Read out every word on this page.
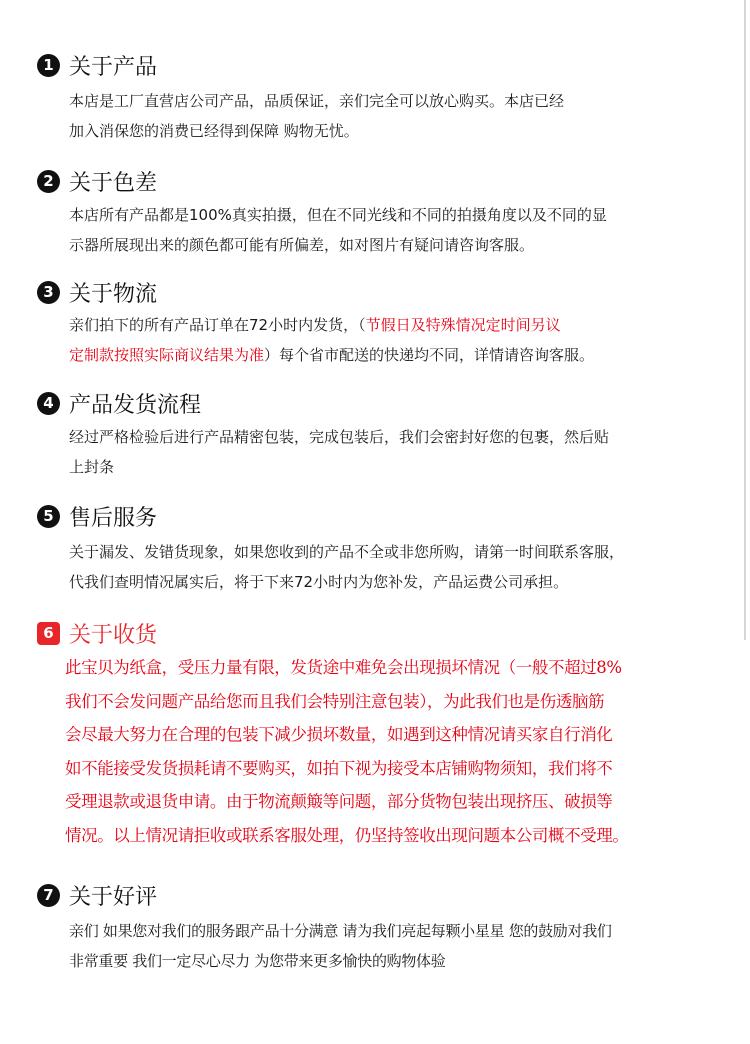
1 关于产品
本店是工厂直营店公司产品，品质保证，亲们完全可以放心购买。本店已经
加入消保您的消费已经得到保障 购物无忧。
2 关于色差
本店所有产品都是100%真实拍摄，但在不同光线和不同的拍摄角度以及不同的显
示器所展现出来的颜色都可能有所偏差，如对图片有疑问请咨询客服。
3 关于物流
亲们拍下的所有产品订单在72小时内发货，（节假日及特殊情况定时间另议
定制款按照实际商议结果为准）每个省市配送的快递均不同，详情请咨询客服。
4 产品发货流程
经过严格检验后进行产品精密包装，完成包装后，我们会密封好您的包裹，然后贴
上封条
5 售后服务
关于漏发、发错货现象，如果您收到的产品不全或非您所购，请第一时间联系客服，
代我们查明情况属实后，将于下来72小时内为您补发，产品运费公司承担。
6 关于收货
此宝贝为纸盒，受压力量有限，发货途中难免会出现损坏情况（一般不超过8%
我们不会发问题产品给您而且我们会特别注意包装），为此我们也是伤透脑筋
会尽最大努力在合理的包装下减少损坏数量，如遇到这种情况请买家自行消化
如不能接受发货损耗请不要购买，如拍下视为接受本店铺购物须知，我们将不
受理退款或退货申请。由于物流颠簸等问题，部分货物包装出现挤压、破损等
情况。以上情况请拒收或联系客服处理，仍坚持签收出现问题本公司概不受理。
7 关于好评
亲们 如果您对我们的服务跟产品十分满意 请为我们亮起每颗小星星 您的鼓励对我们
非常重要 我们一定尽心尽力 为您带来更多愉快的购物体验
